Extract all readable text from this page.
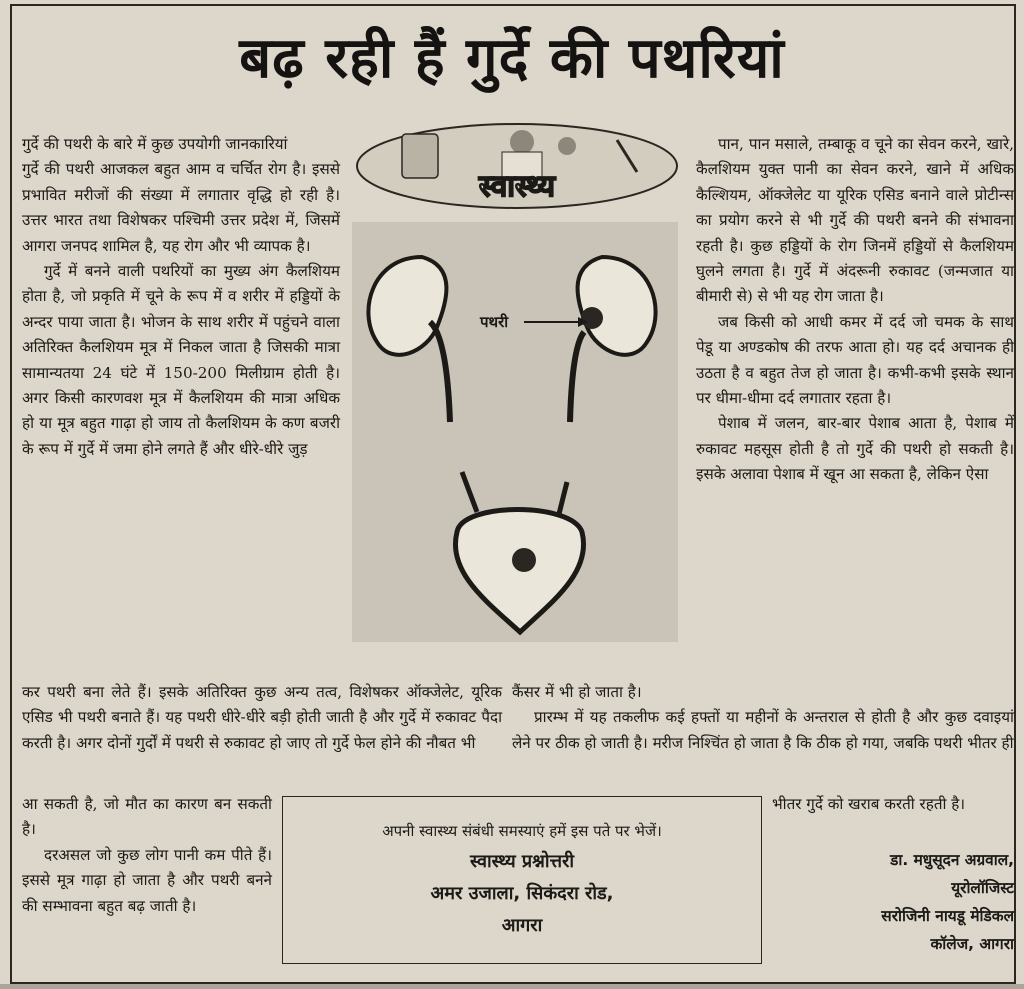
बढ़ रही हैं गुर्दे की पथरियां

गुर्दे की पथरी के बारे में कुछ उपयोगी जानकारियां

गुर्दे की पथरी आजकल बहुत आम व चर्चित रोग है। इससे प्रभावित मरीजों की संख्या में लगातार वृद्धि हो रही है। उत्तर भारत तथा विशेषकर पश्चिमी उत्तर प्रदेश में, जिसमें आगरा जनपद शामिल है, यह रोग और भी व्यापक है।

गुर्दे में बनने वाली पथरियों का मुख्य अंग कैलशियम होता है, जो प्रकृति में चूने के रूप में व शरीर में हड्डियों के अन्दर पाया जाता है। भोजन के साथ शरीर में पहुंचने वाला अतिरिक्त कैलशियम मूत्र में निकल जाता है जिसकी मात्रा सामान्यतया 24 घंटे में 150-200 मिलीग्राम होती है। अगर किसी कारणवश मूत्र में कैलशियम की मात्रा अधिक हो या मूत्र बहुत गाढ़ा हो जाय तो कैलशियम के कण बजरी के रूप में गुर्दे में जमा होने लगते हैं और धीरे-धीरे जुड़

स्वास्थ्य
पथरी

पान, पान मसाले, तम्बाकू व चूने का सेवन करने, खारे, कैलशियम युक्त पानी का सेवन करने, खाने में अधिक कैल्शियम, ऑक्जेलेट या यूरिक एसिड बनाने वाले प्रोटीन्स का प्रयोग करने से भी गुर्दे की पथरी बनने की संभावना रहती है। कुछ हड्डियों के रोग जिनमें हड्डियों से कैलशियम घुलने लगता है। गुर्दे में अंदरूनी रुकावट (जन्मजात या बीमारी से) से भी यह रोग जाता है।

जब किसी को आधी कमर में दर्द जो चमक के साथ पेडू या अण्डकोष की तरफ आता हो। यह दर्द अचानक ही उठता है व बहुत तेज हो जाता है। कभी-कभी इसके स्थान पर धीमा-धीमा दर्द लगातार रहता है।

पेशाब में जलन, बार-बार पेशाब आता है, पेशाब में रुकावट महसूस होती है तो गुर्दे की पथरी हो सकती है। इसके अलावा पेशाब में खून आ सकता है, लेकिन ऐसा

कर पथरी बना लेते हैं। इसके अतिरिक्त कुछ अन्य तत्व, विशेषकर ऑक्जेलेट, यूरिक एसिड भी पथरी बनाते हैं। यह पथरी धीरे-धीरे बड़ी होती जाती है और गुर्दे में रुकावट पैदा करती है। अगर दोनों गुर्दों में पथरी से रुकावट हो जाए तो गुर्दे फेल होने की नौबत भी

कैंसर में भी हो जाता है।

प्रारम्भ में यह तकलीफ कई हफ्तों या महीनों के अन्तराल से होती है और कुछ दवाइयां लेने पर ठीक हो जाती है। मरीज निश्चिंत हो जाता है कि ठीक हो गया, जबकि पथरी भीतर ही

आ सकती है, जो मौत का कारण बन सकती है।

दरअसल जो कुछ लोग पानी कम पीते हैं। इससे मूत्र गाढ़ा हो जाता है और पथरी बनने की सम्भावना बहुत बढ़ जाती है।

भीतर गुर्दे को खराब करती रहती है।

अपनी स्वास्थ्य संबंधी समस्याएं हमें इस पते पर भेजें।
स्वास्थ्य प्रश्नोत्तरी
अमर उजाला, सिकंदरा रोड,
आगरा
डा. मधुसूदन अग्रवाल,
यूरोलॉजिस्ट
सरोजिनी नायडू मेडिकल
कॉलेज, आगरा
